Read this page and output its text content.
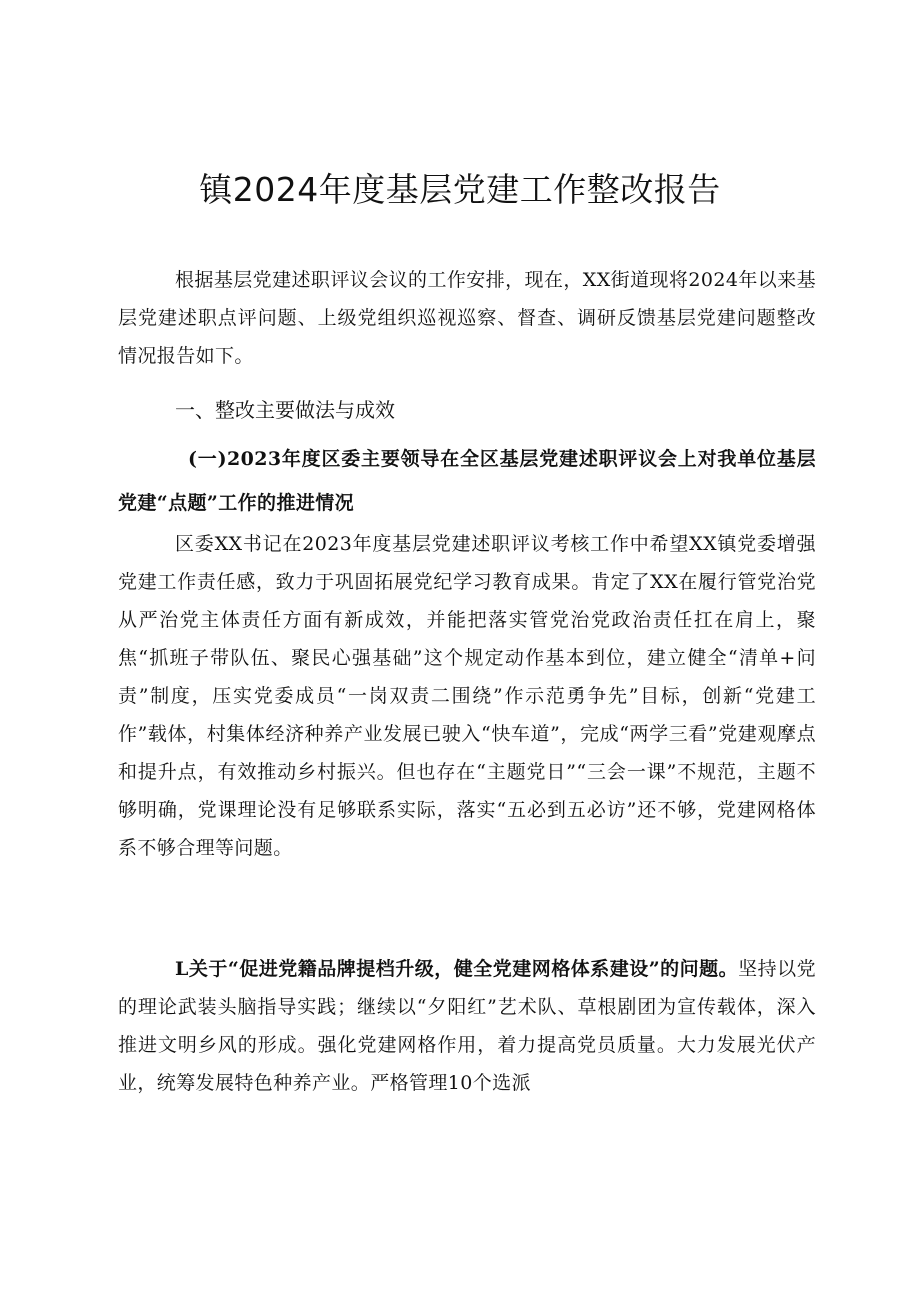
镇2024年度基层党建工作整改报告

根据基层党建述职评议会议的工作安排，现在，XX街道现将2024年以来基层党建述职点评问题、上级党组织巡视巡察、督查、调研反馈基层党建问题整改情况报告如下。

一、整改主要做法与成效
(一)2023年度区委主要领导在全区基层党建述职评议会上对我单位基层党建“点题”工作的推进情况

区委XX书记在2023年度基层党建述职评议考核工作中希望XX镇党委增强党建工作责任感，致力于巩固拓展党纪学习教育成果。肯定了XX在履行管党治党从严治党主体责任方面有新成效，并能把落实管党治党政治责任扛在肩上，聚焦“抓班子带队伍、聚民心强基础”这个规定动作基本到位，建立健全“清单+问责”制度，压实党委成员“一岗双责二围绕”作示范勇争先”目标，创新“党建工作”载体，村集体经济种养产业发展已驶入“快车道”，完成“两学三看”党建观摩点和提升点，有效推动乡村振兴。但也存在“主题党日”“三会一课”不规范，主题不够明确，党课理论没有足够联系实际，落实“五必到五必访”还不够，党建网格体系不够合理等问题。

L关于“促进党籍品牌提档升级，健全党建网格体系建设”的问题。坚持以党的理论武装头脑指导实践；继续以“夕阳红”艺术队、草根剧团为宣传载体，深入推进文明乡风的形成。强化党建网格作用，着力提高党员质量。大力发展光伏产业，统筹发展特色种养产业。严格管理10个选派
